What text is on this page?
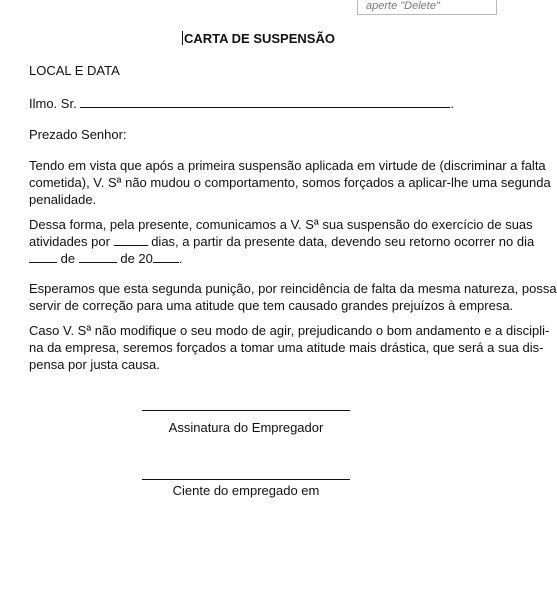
aperte "Delete"
CARTA DE SUSPENSÃO
LOCAL E DATA
Ilmo. Sr.	.
Prezado Senhor:
Tendo em vista que após a primeira suspensão aplicada em virtude de (discriminar a falta
cometida), V. Sª não mudou o comportamento, somos forçados a aplicar-lhe uma segunda
penalidade.
Dessa forma, pela presente, comunicamos a V. Sª sua suspensão do exercício de suas
atividades por	dias, a partir da presente data, devendo seu retorno ocorrer no dia
de	de 20 .
Esperamos que esta segunda punição, por reincidência de falta da mesma natureza, possa
servir de correção para uma atitude que tem causado grandes prejuízos à empresa.
Caso V. Sª não modifique o seu modo de agir, prejudicando o bom andamento e a discipli-
na da empresa, seremos forçados a tomar uma atitude mais drástica, que será a sua dis-
pensa por justa causa.
Assinatura do Empregador
Ciente do empregado em
